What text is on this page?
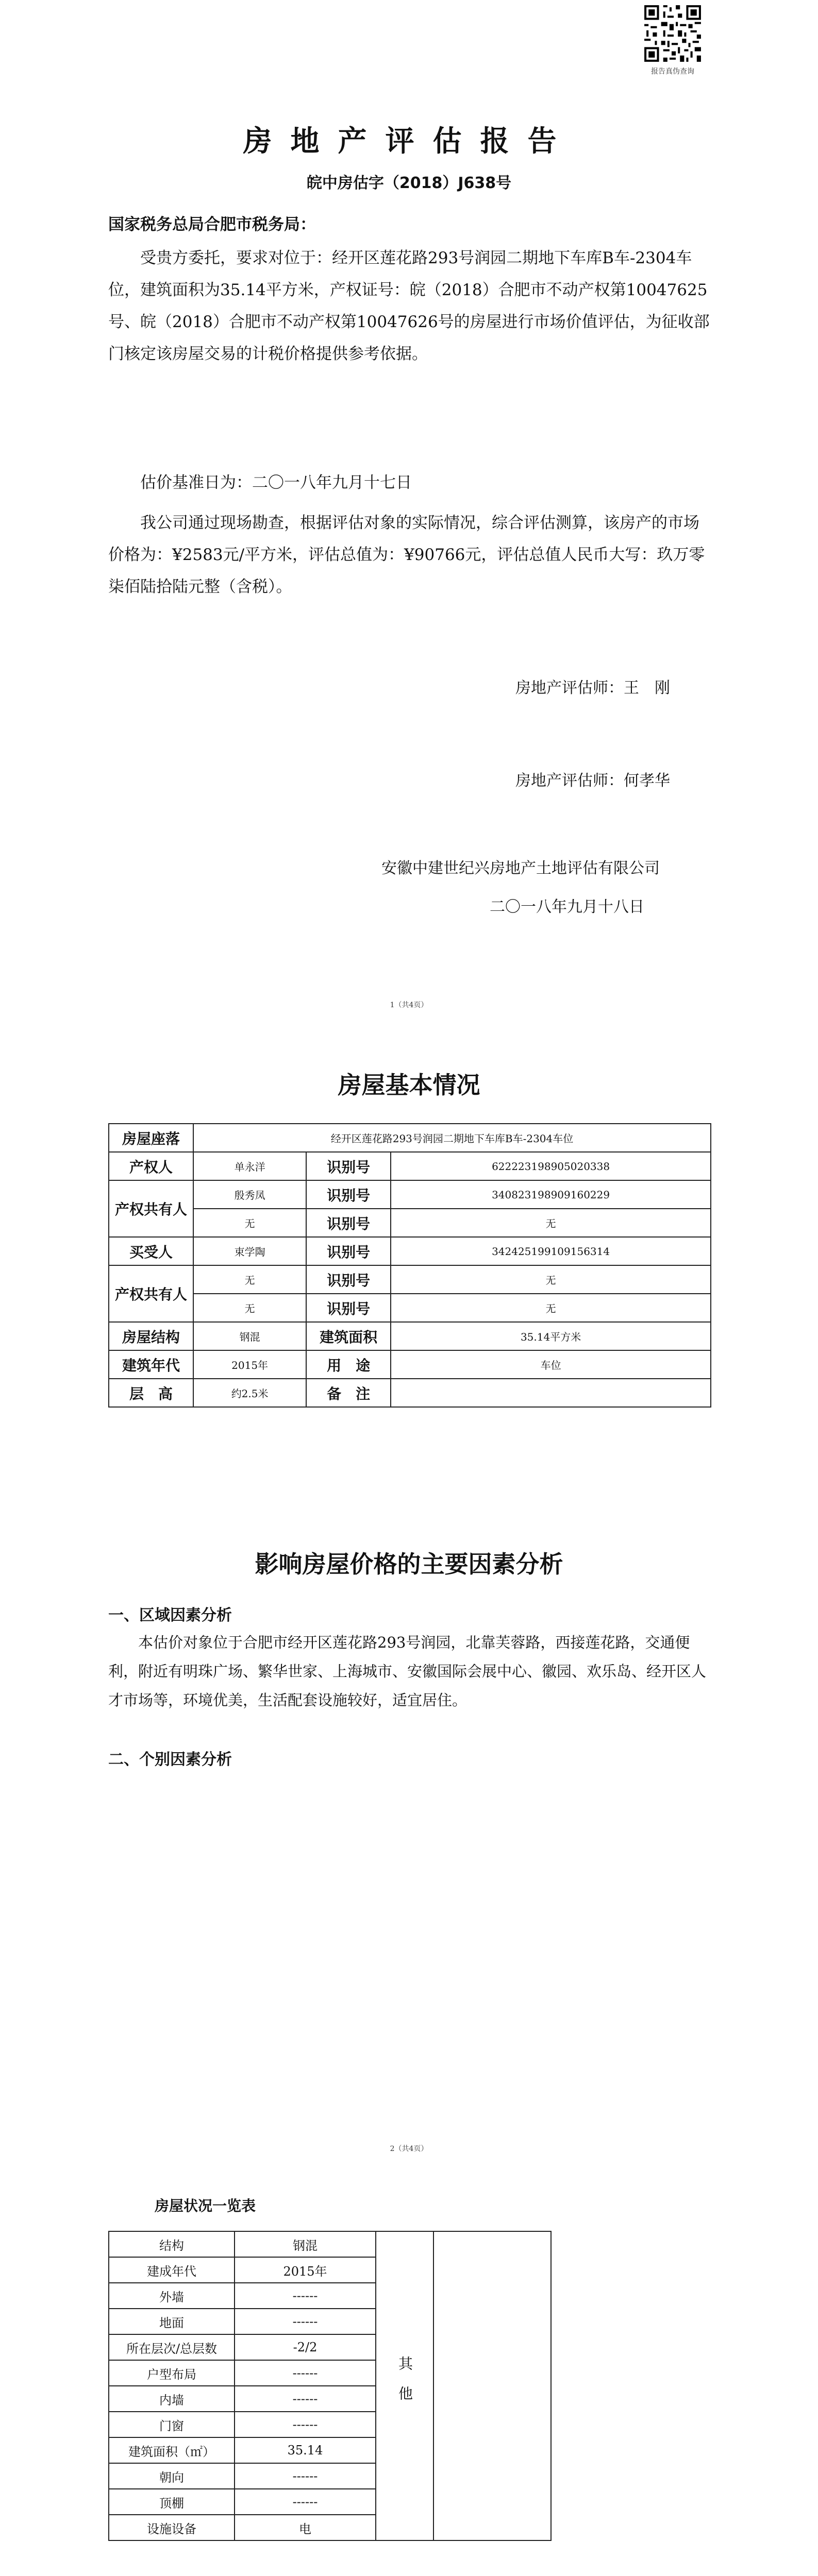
报告真伪查询
房地产评估报告
皖中房估字（2018）J638号
国家税务总局合肥市税务局：
受贵方委托，要求对位于：经开区莲花路293号润园二期地下车库B车-2304车位，建筑面积为35.14平方米，产权证号：皖（2018）合肥市不动产权第10047625号、皖（2018）合肥市不动产权第10047626号的房屋进行市场价值评估，为征收部门核定该房屋交易的计税价格提供参考依据。
估价基准日为：二〇一八年九月十七日
我公司通过现场勘查，根据评估对象的实际情况，综合评估测算，该房产的市场价格为：¥2583元/平方米，评估总值为：¥90766元，评估总值人民币大写：玖万零柒佰陆拾陆元整（含税）。
房地产评估师：王　刚
房地产评估师：何孝华
安徽中建世纪兴房地产土地评估有限公司
二〇一八年九月十八日
1（共4页）
房屋基本情况
房屋座落	经开区莲花路293号润园二期地下车库B车-2304车位		
产权人	单永洋	识别号	622223198905020338
产权共有人	殷秀凤	识别号	340823198909160229
	无	识别号	无
买受人	束学陶	识别号	342425199109156314
产权共有人	无	识别号	无
	无	识别号	无
房屋结构	钢混	建筑面积	35.14平方米
建筑年代	2015年	用　途	车位
层　高	约2.5米	备　注	
影响房屋价格的主要因素分析
一、区域因素分析
本估价对象位于合肥市经开区莲花路293号润园，北靠芙蓉路，西接莲花路，交通便利，附近有明珠广场、繁华世家、上海城市、安徽国际会展中心、徽园、欢乐岛、经开区人才市场等，环境优美，生活配套设施较好，适宜居住。
二、个别因素分析
2（共4页）
房屋状况一览表
结构	钢混	其他	
建成年代	2015年		
外墙	------		
地面	------		
所在层次/总层数	-2/2		
户型布局	------		
内墙	------		
门窗	------		
建筑面积（㎡）	35.14		
朝向	------		
顶棚	------		
设施设备	电		
